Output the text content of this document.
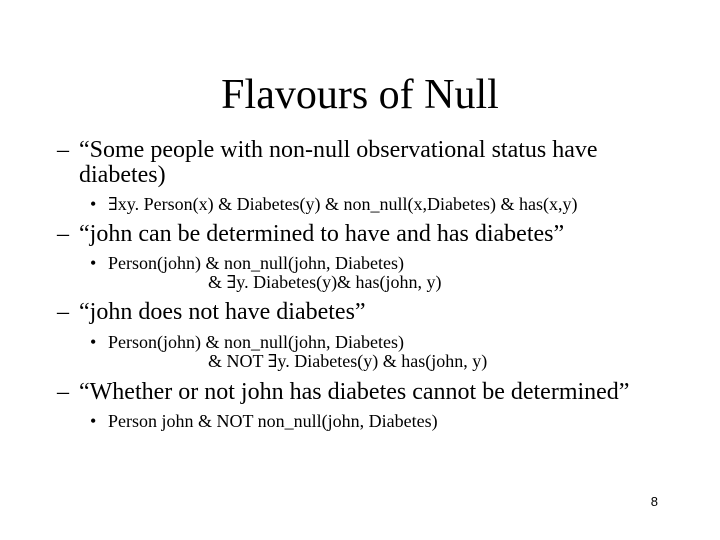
Flavours of Null
– “Some people with non-null observational status have
diabetes)
• ∃xy. Person(x) & Diabetes(y) & non_null(x,Diabetes) & has(x,y)
– “john can be determined to have and has diabetes”
• Person(john) & non_null(john, Diabetes)
& ∃y. Diabetes(y)& has(john, y)
– “john does not have diabetes”
• Person(john) & non_null(john, Diabetes)
& NOT ∃y. Diabetes(y) & has(john, y)
– “Whether or not john has diabetes cannot be determined”
• Person john & NOT non_null(john, Diabetes)
8
